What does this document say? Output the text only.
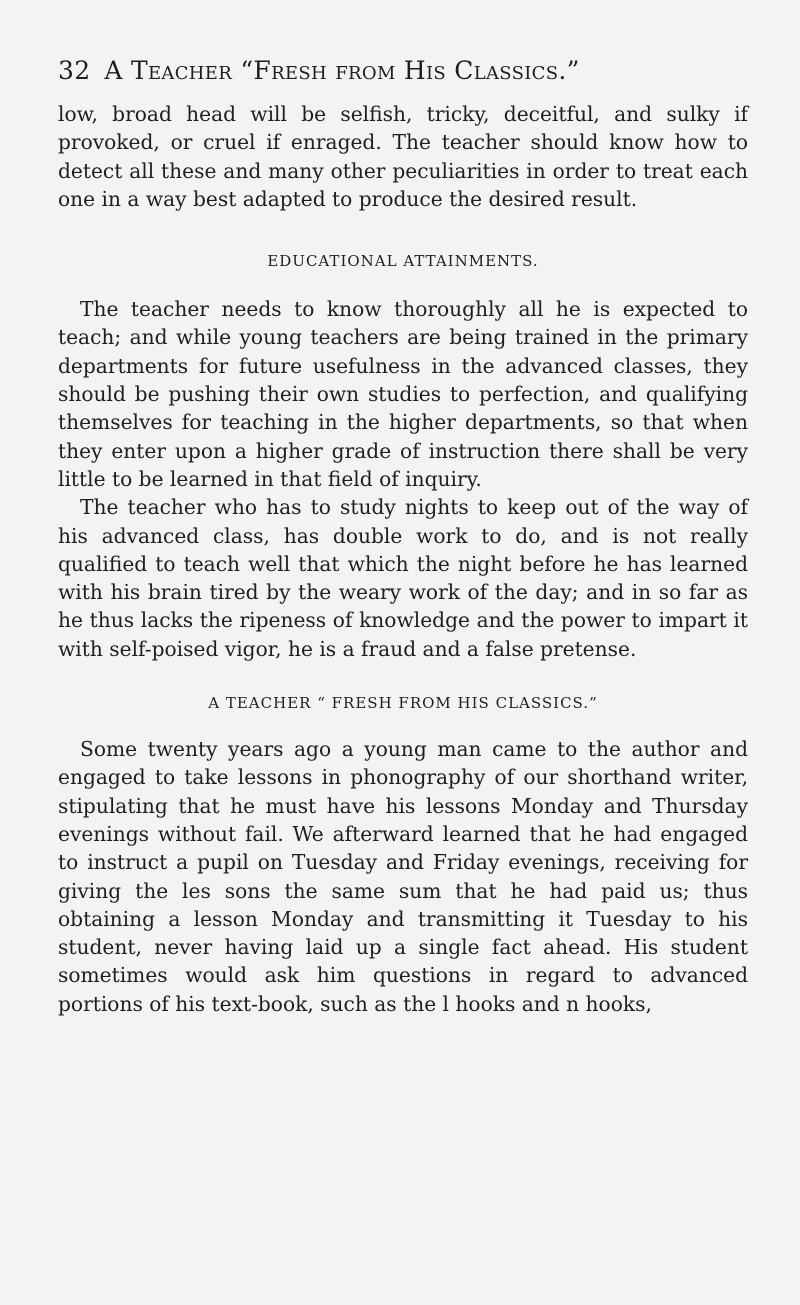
32 A Teacher “Fresh from His Classics.”

low, broad head will be selfish, tricky, deceitful, and sulky if provoked, or cruel if enraged. The teacher should know how to detect all these and many other peculiarities in order to treat each one in a way best adapted to produce the desired result.

EDUCATIONAL ATTAINMENTS.

The teacher needs to know thoroughly all he is expected to teach; and while young teachers are being trained in the primary departments for future usefulness in the advanced classes, they should be pushing their own studies to perfection, and qualifying themselves for teaching in the higher departments, so that when they enter upon a higher grade of instruction there shall be very little to be learned in that field of inquiry.

The teacher who has to study nights to keep out of the way of his advanced class, has double work to do, and is not really qualified to teach well that which the night before he has learned with his brain tired by the weary work of the day; and in so far as he thus lacks the ripeness of knowledge and the power to impart it with self-poised vigor, he is a fraud and a false pretense.

A TEACHER “ FRESH FROM HIS CLASSICS.”

Some twenty years ago a young man came to the author and engaged to take lessons in phonography of our shorthand writer, stipulating that he must have his lessons Monday and Thursday evenings without fail. We afterward learned that he had engaged to instruct a pupil on Tuesday and Friday evenings, receiving for giving the les sons the same sum that he had paid us; thus obtaining a lesson Monday and transmitting it Tuesday to his student, never having laid up a single fact ahead. His student sometimes would ask him questions in regard to advanced portions of his text-book, such as the l hooks and n hooks,
